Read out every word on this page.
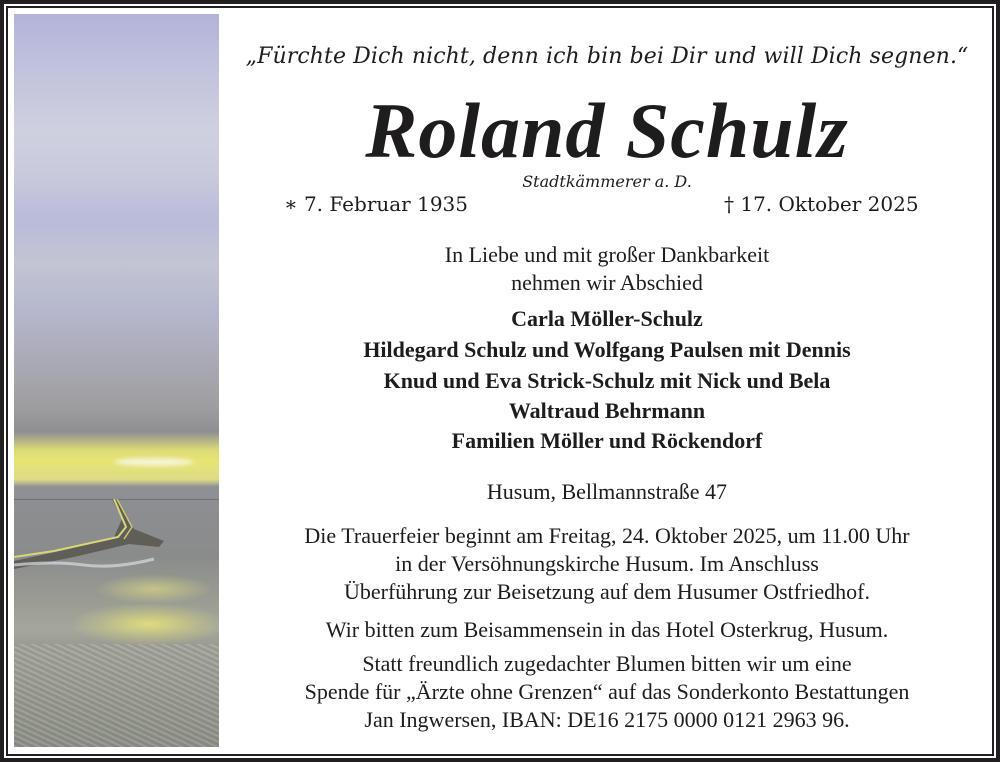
„Fürchte Dich nicht, denn ich bin bei Dir und will Dich segnen.“
Roland Schulz
Stadtkämmerer a. D.
∗ 7. Februar 1935	† 17. Oktober 2025
In Liebe und mit großer Dankbarkeit
nehmen wir Abschied
Carla Möller-Schulz
Hildegard Schulz und Wolfgang Paulsen mit Dennis
Knud und Eva Strick-Schulz mit Nick und Bela
Waltraud Behrmann
Familien Möller und Röckendorf
Husum, Bellmannstraße 47
Die Trauerfeier beginnt am Freitag, 24. Oktober 2025, um 11.00 Uhr
in der Versöhnungskirche Husum. Im Anschluss
Überführung zur Beisetzung auf dem Husumer Ostfriedhof.
Wir bitten zum Beisammensein in das Hotel Osterkrug, Husum.
Statt freundlich zugedachter Blumen bitten wir um eine
Spende für „Ärzte ohne Grenzen“ auf das Sonderkonto Bestattungen
Jan Ingwersen, IBAN: DE16 2175 0000 0121 2963 96.
